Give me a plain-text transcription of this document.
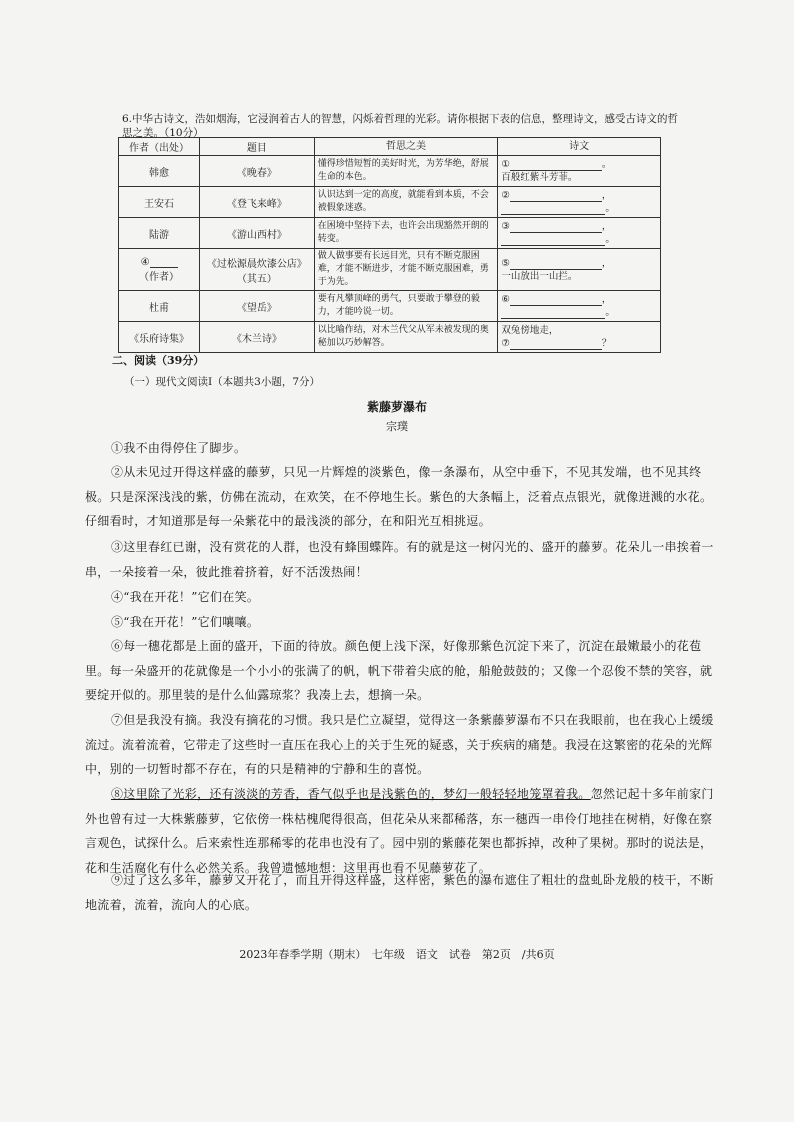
6.中华古诗文，浩如烟海，它浸润着古人的智慧，闪烁着哲理的光彩。请你根据下表的信息，整理诗文，感受古诗文的哲思之美。（10分）
作者（出处）	题目	哲思之美	诗文
韩愈	《晚春》	懂得珍惜短暂的美好时光，为芳华绝，舒展生命的本色。	① 。
百般红紫斗芳菲。
王安石	《登飞来峰》	认识达到一定的高度，就能看到本质，不会被假象迷惑。	② ，
。
陆游	《游山西村》	在困境中坚持下去，也许会出现豁然开朗的转变。	③ ，
。
④（作者）	《过松源晨炊漆公店》（其五）	做人做事要有长远目光，只有不断克服困难，才能不断进步，才能不断克服困难，勇于为先。	⑤ ，
一山放出一山拦。
杜甫	《望岳》	要有凡攀顶峰的勇气，只要敢于攀登的毅力，才能吟说一切。	⑥ ，
。
《乐府诗集》	《木兰诗》	以比喻作结，对木兰代父从军未被发现的奥秘加以巧妙解答。	双兔傍地走，
⑦ ？
二、阅读（39分）
（一）现代文阅读Ⅰ（本题共3小题，7分）
紫藤萝瀑布
宗璞
①我不由得停住了脚步。
②从未见过开得这样盛的藤萝，只见一片辉煌的淡紫色，像一条瀑布，从空中垂下，不见其发端，也不见其终极。只是深深浅浅的紫，仿佛在流动，在欢笑，在不停地生长。紫色的大条幅上，泛着点点银光，就像迸溅的水花。仔细看时，才知道那是每一朵紫花中的最浅淡的部分，在和阳光互相挑逗。
③这里春红已谢，没有赏花的人群，也没有蜂围蝶阵。有的就是这一树闪光的、盛开的藤萝。花朵儿一串挨着一串，一朵接着一朵，彼此推着挤着，好不活泼热闹！
④“我在开花！”它们在笑。
⑤“我在开花！”它们嚷嚷。
⑥每一穗花都是上面的盛开，下面的待放。颜色便上浅下深，好像那紫色沉淀下来了，沉淀在最嫩最小的花苞里。每一朵盛开的花就像是一个小小的张满了的帆，帆下带着尖底的舱，船舱鼓鼓的；又像一个忍俊不禁的笑容，就要绽开似的。那里装的是什么仙露琼浆？我凑上去，想摘一朵。
⑦但是我没有摘。我没有摘花的习惯。我只是伫立凝望，觉得这一条紫藤萝瀑布不只在我眼前，也在我心上缓缓流过。流着流着，它带走了这些时一直压在我心上的关于生死的疑惑，关于疾病的痛楚。我浸在这繁密的花朵的光辉中，别的一切暂时都不存在，有的只是精神的宁静和生的喜悦。
⑧这里除了光彩，还有淡淡的芳香，香气似乎也是浅紫色的，梦幻一般轻轻地笼罩着我。忽然记起十多年前家门外也曾有过一大株紫藤萝，它依傍一株枯槐爬得很高，但花朵从来都稀落，东一穗西一串伶仃地挂在树梢，好像在察言观色，试探什么。后来索性连那稀零的花串也没有了。园中别的紫藤花架也都拆掉，改种了果树。那时的说法是，花和生活腐化有什么必然关系。我曾遗憾地想：这里再也看不见藤萝花了。
⑨过了这么多年，藤萝又开花了，而且开得这样盛，这样密，紫色的瀑布遮住了粗壮的盘虬卧龙般的枝干，不断地流着，流着，流向人的心底。
2023年春季学期（期末）　七年级　语文　试卷　第2页　/共6页
